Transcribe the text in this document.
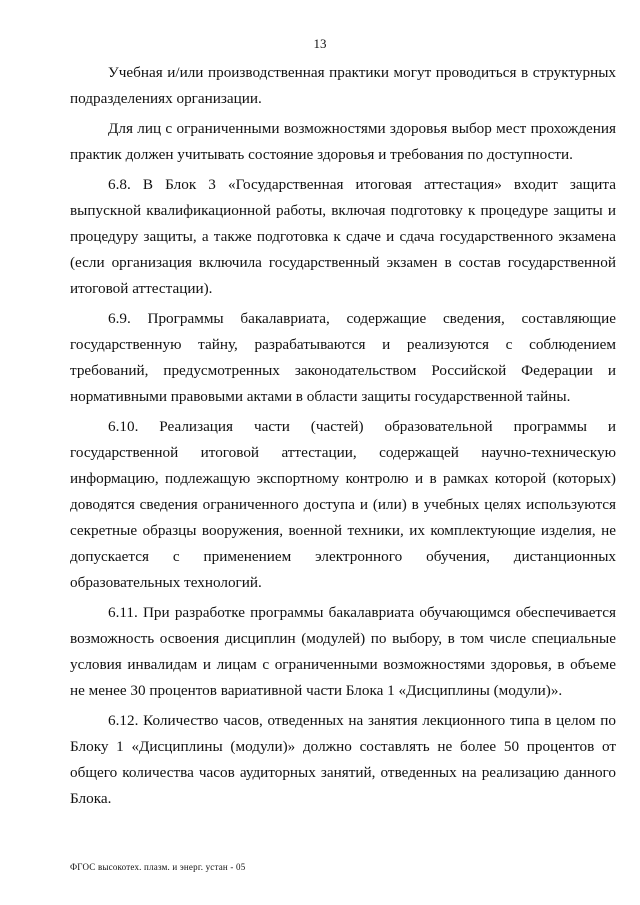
13

Учебная и/или производственная практики могут проводиться в структурных подразделениях организации.

Для лиц с ограниченными возможностями здоровья выбор мест прохождения практик должен учитывать состояние здоровья и требования по доступности.

6.8. В Блок 3 «Государственная итоговая аттестация» входит защита выпускной квалификационной работы, включая подготовку к процедуре защиты и процедуру защиты, а также подготовка к сдаче и сдача государственного экзамена (если организация включила государственный экзамен в состав государственной итоговой аттестации).

6.9. Программы бакалавриата, содержащие сведения, составляющие государственную тайну, разрабатываются и реализуются с соблюдением требований, предусмотренных законодательством Российской Федерации и нормативными правовыми актами в области защиты государственной тайны.

6.10. Реализация части (частей) образовательной программы и государственной итоговой аттестации, содержащей научно-техническую информацию, подлежащую экспортному контролю и в рамках которой (которых) доводятся сведения ограниченного доступа и (или) в учебных целях используются секретные образцы вооружения, военной техники, их комплектующие изделия, не допускается с применением электронного обучения, дистанционных образовательных технологий.

6.11. При разработке программы бакалавриата обучающимся обеспечивается возможность освоения дисциплин (модулей) по выбору, в том числе специальные условия инвалидам и лицам с ограниченными возможностями здоровья, в объеме не менее 30 процентов вариативной части Блока 1 «Дисциплины (модули)».

6.12. Количество часов, отведенных на занятия лекционного типа в целом по Блоку 1 «Дисциплины (модули)» должно составлять не более 50 процентов от общего количества часов аудиторных занятий, отведенных на реализацию данного Блока.

ФГОС высокотех. плазм. и энерг. устан - 05
